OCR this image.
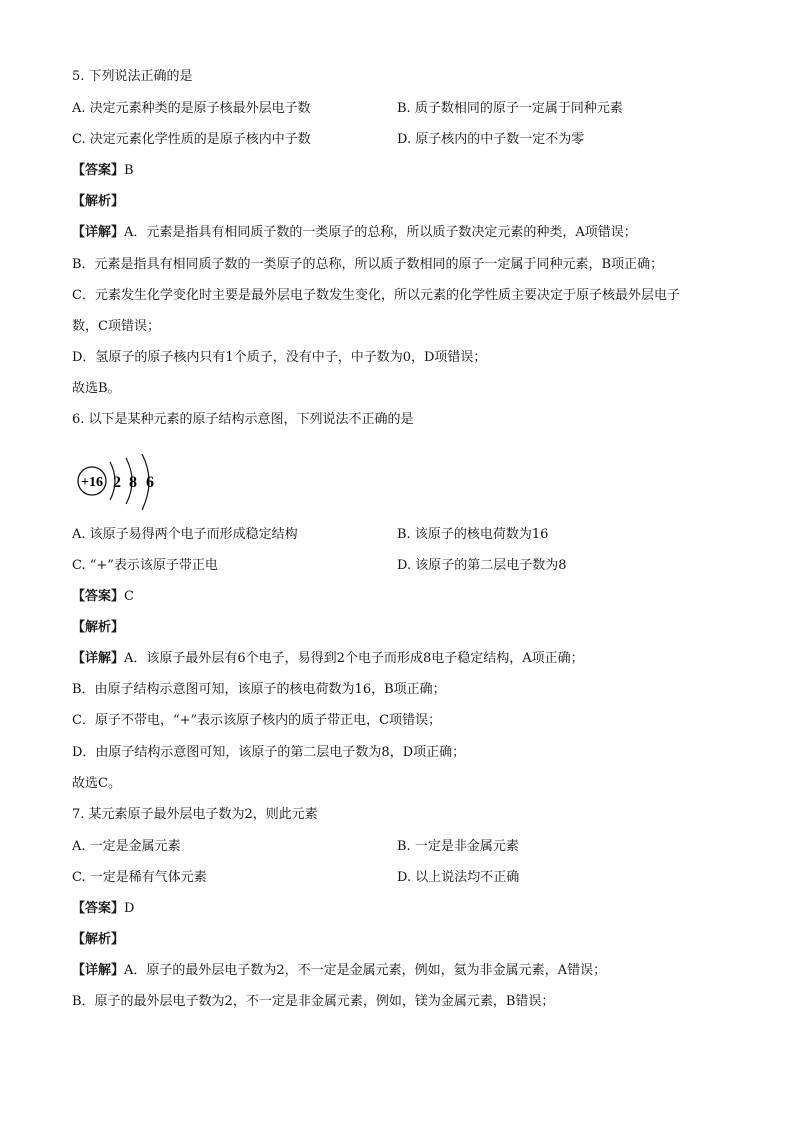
5. 下列说法正确的是
A. 决定元素种类的是原子核最外层电子数	B. 质子数相同的原子一定属于同种元素
C. 决定元素化学性质的是原子核内中子数	D. 原子核内的中子数一定不为零
【答案】B
【解析】
【详解】A．元素是指具有相同质子数的一类原子的总称，所以质子数决定元素的种类，A项错误；
B．元素是指具有相同质子数的一类原子的总称，所以质子数相同的原子一定属于同种元素，B项正确；
C．元素发生化学变化时主要是最外层电子数发生变化，所以元素的化学性质主要决定于原子核最外层电子
数，C项错误；
D．氢原子的原子核内只有1个质子，没有中子，中子数为0，D项错误；
故选B。
6. 以下是某种元素的原子结构示意图，下列说法不正确的是
+16 2 8 6
A. 该原子易得两个电子而形成稳定结构	B. 该原子的核电荷数为16
C. “+”表示该原子带正电	D. 该原子的第二层电子数为8
【答案】C
【解析】
【详解】A．该原子最外层有6个电子，易得到2个电子而形成8电子稳定结构，A项正确；
B．由原子结构示意图可知，该原子的核电荷数为16，B项正确；
C．原子不带电，“+”表示该原子核内的质子带正电，C项错误；
D．由原子结构示意图可知，该原子的第二层电子数为8，D项正确；
故选C。
7. 某元素原子最外层电子数为2，则此元素
A. 一定是金属元素	B. 一定是非金属元素
C. 一定是稀有气体元素	D. 以上说法均不正确
【答案】D
【解析】
【详解】A．原子的最外层电子数为2，不一定是金属元素，例如，氦为非金属元素，A错误；
B．原子的最外层电子数为2，不一定是非金属元素，例如，镁为金属元素，B错误；
